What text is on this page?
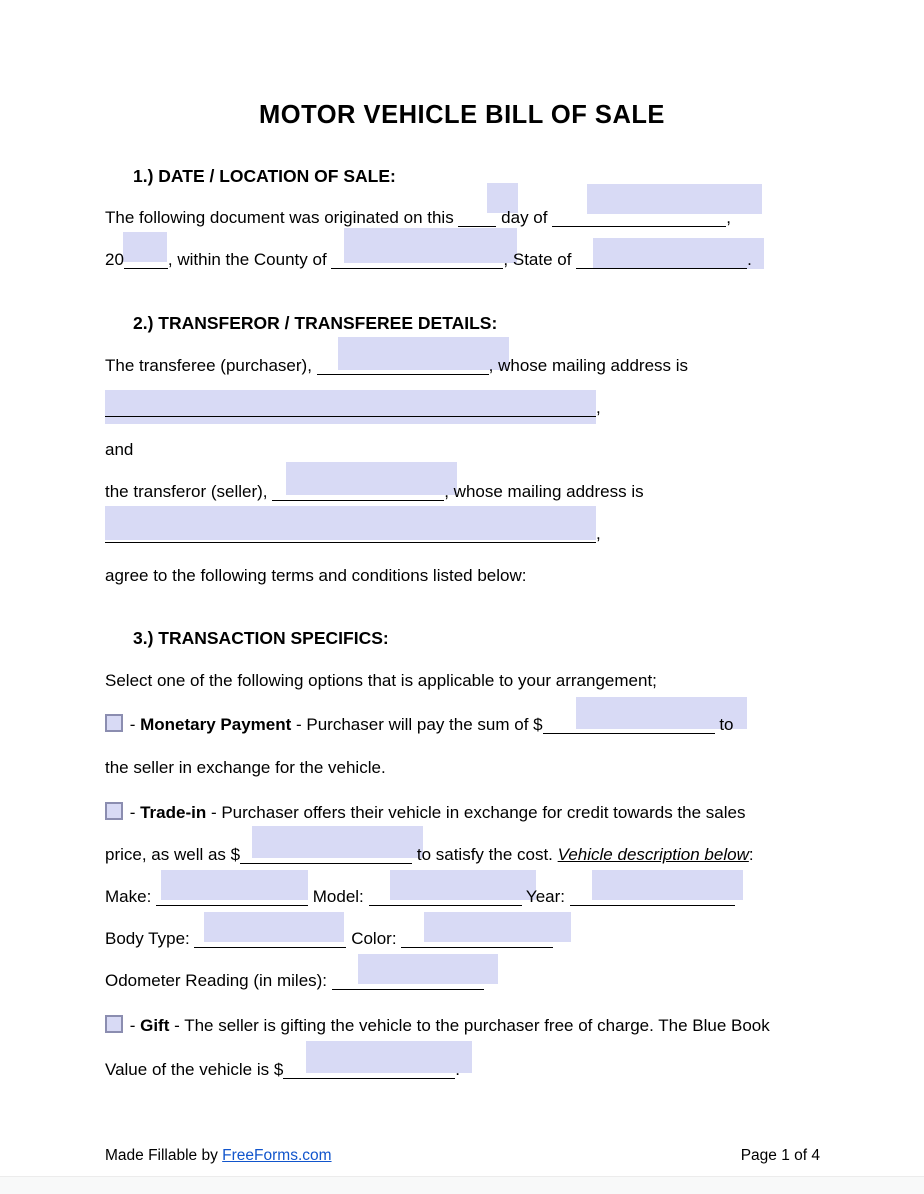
MOTOR VEHICLE BILL OF SALE
1.) DATE / LOCATION OF SALE:
The following document was originated on this  day of	,
20	, within the County of	, State of	.
2.) TRANSFEROR / TRANSFEREE DETAILS:
The transferee (purchaser),	, whose mailing address is
,
and
the transferor (seller),	, whose mailing address is
,
agree to the following terms and conditions listed below:
3.) TRANSACTION SPECIFICS:
Select one of the following options that is applicable to your arrangement;
- Monetary Payment - Purchaser will pay the sum of $	to
the seller in exchange for the vehicle.
- Trade-in - Purchaser offers their vehicle in exchange for credit towards the sales
price, as well as $	to satisfy the cost. Vehicle description below:
Make:	Model:	Year:
Body Type:	Color:
Odometer Reading (in miles):
- Gift - The seller is gifting the vehicle to the purchaser free of charge. The Blue Book
Value of the vehicle is $	.
Made Fillable by FreeForms.com	Page 1 of 4
